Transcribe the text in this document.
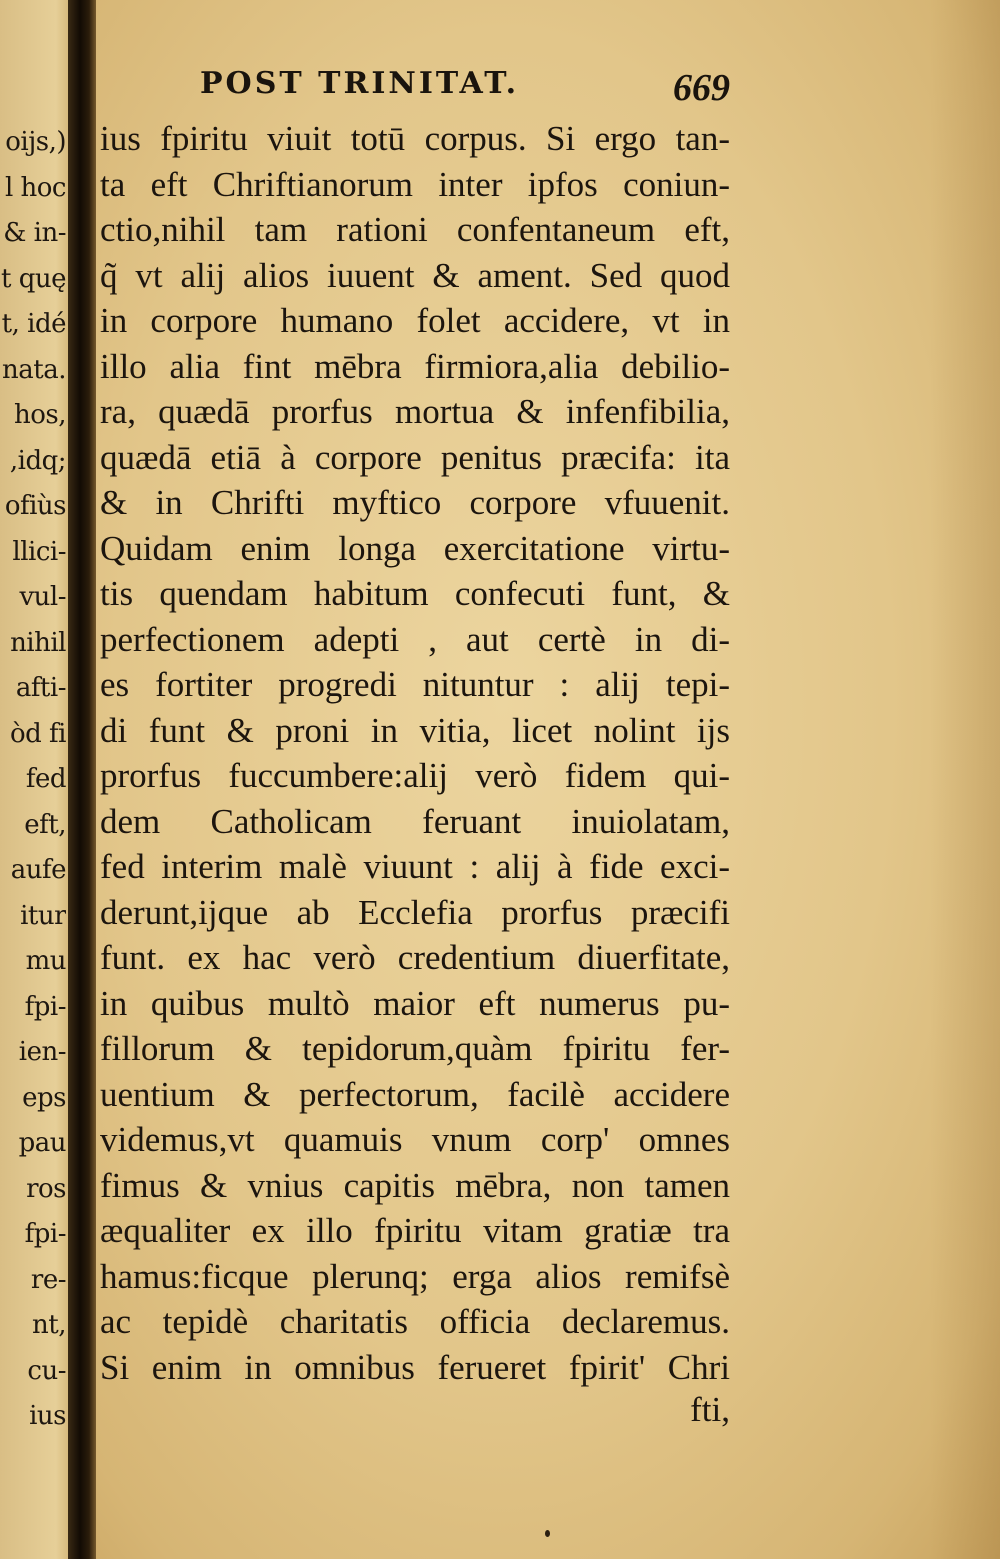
oijs,)
l hoc
& in-
t quę
t, idé
nata.
hos,
,idq;
ofiùs
llici-
vul-
nihil
afti-
òd fi
fed
eft,
aufe
itur
mu
fpi-
ien-
eps
pau
ros
fpi-
re-
nt,
cu-
ius
POST TRINITAT.	669
ius fpiritu viuit totū corpus. Si ergo tan-
ta eft Chriftianorum inter ipfos coniun-
ctio,nihil tam rationi confentaneum eft,
q̃ vt alij alios iuuent & ament. Sed quod
in corpore humano folet accidere, vt in
illo alia fint mēbra firmiora,alia debilio-
ra, quædā prorfus mortua & infenfibilia,
quædā etiā à corpore penitus præcifa: ita
& in Chrifti myftico corpore vfuuenit.
Quidam enim longa exercitatione virtu-
tis quendam habitum confecuti funt, &
perfectionem adepti , aut certè in di-
es fortiter progredi nituntur : alij tepi-
di funt & proni in vitia, licet nolint ijs
prorfus fuccumbere:alij verò fidem qui-
dem Catholicam feruant inuiolatam,
fed interim malè viuunt : alij à fide exci-
derunt,ijque ab Ecclefia prorfus præcifi
funt. ex hac verò credentium diuerfitate,
in quibus multò maior eft numerus pu-
fillorum & tepidorum,quàm fpiritu fer-
uentium & perfectorum, facilè accidere
videmus,vt quamuis vnum corp' omnes
fimus & vnius capitis mēbra, non tamen
æqualiter ex illo fpiritu vitam gratiæ tra
hamus:ficque plerunq; erga alios remifsè
ac tepidè charitatis officia declaremus.
Si enim in omnibus ferueret fpirit' Chri
fti,
